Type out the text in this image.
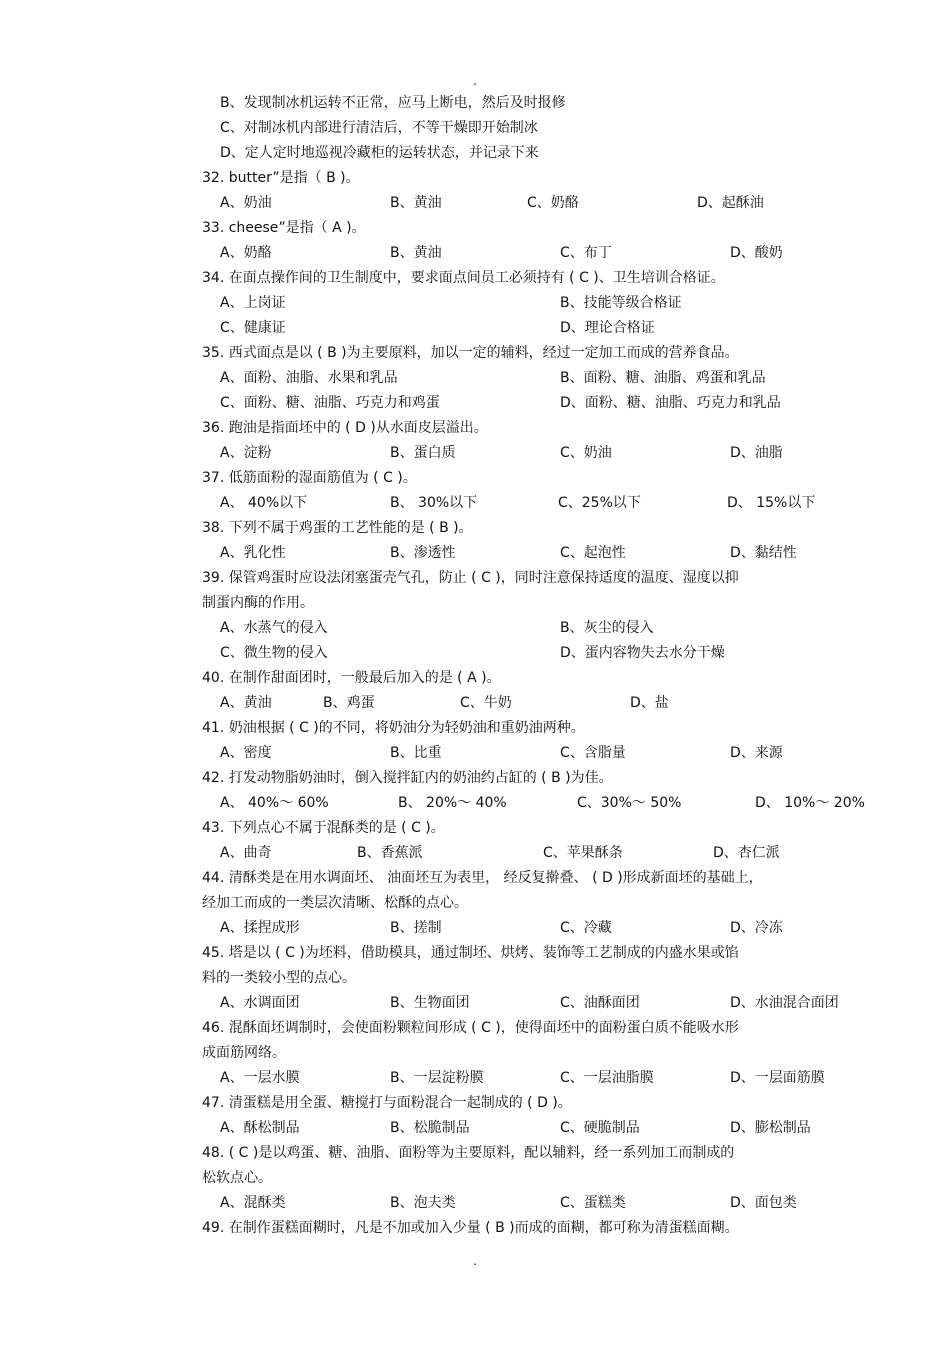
.
B、发现制冰机运转不正常，应马上断电，然后及时报修
C、对制冰机内部进行清洁后，不等干燥即开始制冰
D、定人定时地巡视冷藏柜的运转状态，并记录下来
32. butter”是指（ B )。
A、奶油	B、黄油	C、奶酪	D、起酥油
33. cheese”是指（ A )。
A、奶酪	B、黄油	C、布丁	D、酸奶
34. 在面点操作间的卫生制度中，要求面点间员工必须持有 ( C )、卫生培训合格证。
A、上岗证	B、技能等级合格证
C、健康证	D、理论合格证
35. 西式面点是以 ( B )为主要原料，加以一定的辅料，经过一定加工而成的营养食品。
A、面粉、油脂、水果和乳品	B、面粉、糖、油脂、鸡蛋和乳品
C、面粉、糖、油脂、巧克力和鸡蛋	D、面粉、糖、油脂、巧克力和乳品
36. 跑油是指面坯中的 ( D )从水面皮层溢出。
A、淀粉	B、蛋白质	C、奶油	D、油脂
37. 低筋面粉的湿面筋值为 ( C )。
A、 40%以下	B、 30%以下	C、25%以下	D、 15%以下
38. 下列不属于鸡蛋的工艺性能的是 ( B )。
A、乳化性	B、渗透性	C、起泡性	D、黏结性
39. 保管鸡蛋时应设法闭塞蛋壳气孔，防止 ( C )，同时注意保持适度的温度、湿度以抑
制蛋内酶的作用。
A、水蒸气的侵入	B、灰尘的侵入
C、微生物的侵入	D、蛋内容物失去水分干燥
40. 在制作甜面团时，一般最后加入的是 ( A )。
A、黄油	B、鸡蛋	C、牛奶	D、盐
41. 奶油根据 ( C )的不同，将奶油分为轻奶油和重奶油两种。
A、密度	B、比重	C、含脂量	D、来源
42. 打发动物脂奶油时，倒入搅拌缸内的奶油约占缸的 ( B )为佳。
A、 40%～ 60%	B、 20%～ 40%	C、30%～ 50%	D、 10%～ 20%
43. 下列点心不属于混酥类的是 ( C )。
A、曲奇	B、香蕉派	C、苹果酥条	D、杏仁派
44. 清酥类是在用水调面坯、 油面坯互为表里， 经反复擀叠、 ( D )形成新面坯的基础上，
经加工而成的一类层次清晰、松酥的点心。
A、揉捏成形	B、搓制	C、冷藏	D、冷冻
45. 塔是以 ( C )为坯料，借助模具，通过制坯、烘烤、装饰等工艺制成的内盛水果或馅
料的一类较小型的点心。
A、水调面团	B、生物面团	C、油酥面团	D、水油混合面团
46. 混酥面坯调制时，会使面粉颗粒间形成 ( C )，使得面坯中的面粉蛋白质不能吸水形
成面筋网络。
A、一层水膜	B、一层淀粉膜	C、一层油脂膜	D、一层面筋膜
47. 清蛋糕是用全蛋、糖搅打与面粉混合一起制成的 ( D )。
A、酥松制品	B、松脆制品	C、硬脆制品	D、膨松制品
48. ( C )是以鸡蛋、糖、油脂、面粉等为主要原料，配以辅料，经一系列加工而制成的
松软点心。
A、混酥类	B、泡夫类	C、蛋糕类	D、面包类
49. 在制作蛋糕面糊时，凡是不加或加入少量 ( B )而成的面糊，都可称为清蛋糕面糊。
.
